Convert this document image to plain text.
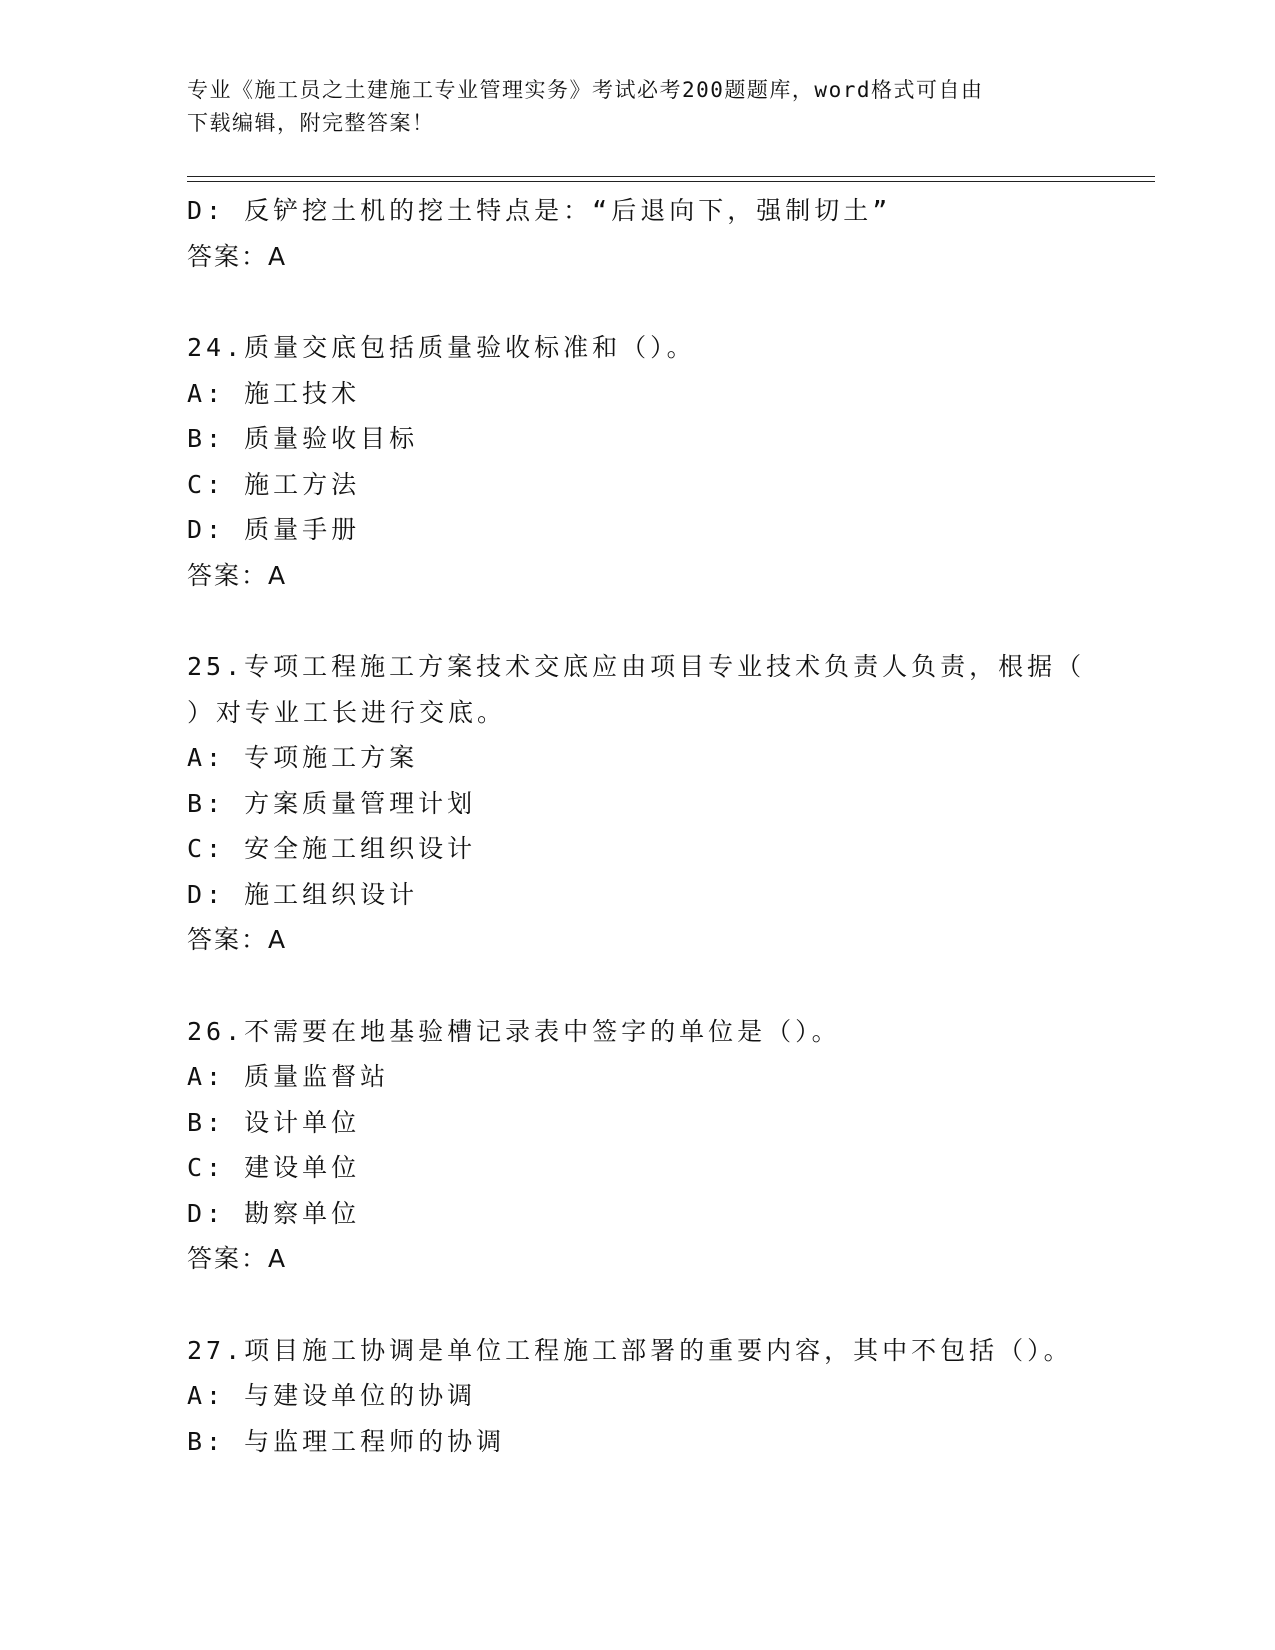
专业《施工员之土建施工专业管理实务》考试必考200题题库，word格式可自由
下载编辑，附完整答案！
D: 反铲挖土机的挖土特点是：“后退向下，强制切土”
答案：A
24.质量交底包括质量验收标准和（）。
A: 施工技术
B: 质量验收目标
C: 施工方法
D: 质量手册
答案：A
25.专项工程施工方案技术交底应由项目专业技术负责人负责，根据（
）对专业工长进行交底。
A: 专项施工方案
B: 方案质量管理计划
C: 安全施工组织设计
D: 施工组织设计
答案：A
26.不需要在地基验槽记录表中签字的单位是（）。
A: 质量监督站
B: 设计单位
C: 建设单位
D: 勘察单位
答案：A
27.项目施工协调是单位工程施工部署的重要内容，其中不包括（）。
A: 与建设单位的协调
B: 与监理工程师的协调
